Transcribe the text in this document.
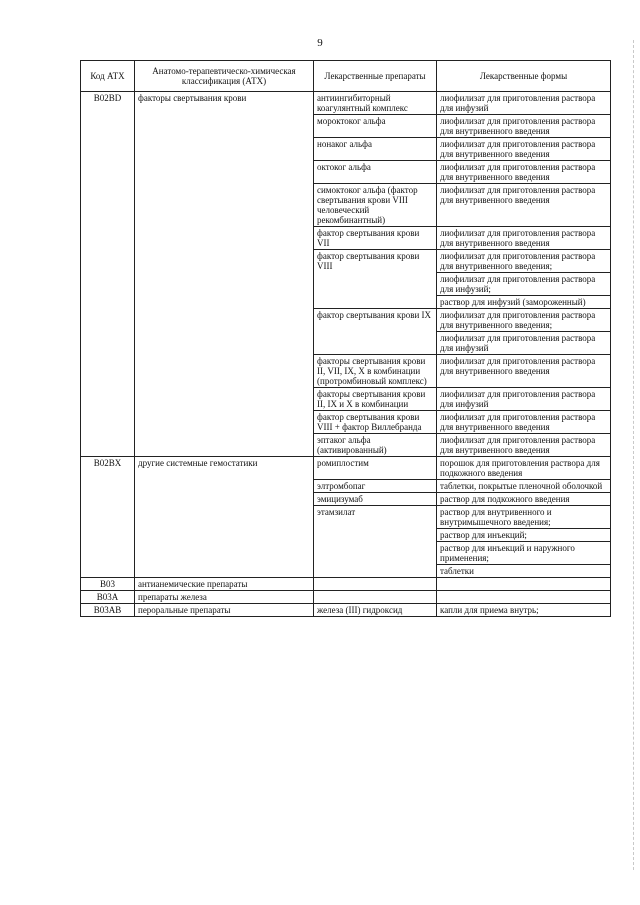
9
Код АТХ	Анатомо-терапевтическо-химическая классификация (АТХ)	Лекарственные препараты	Лекарственные формы
B02BD	факторы свертывания крови	антиингибиторный коагулянтный комплекс	лиофилизат для приготовления раствора для инфузий
		мороктоког альфа	лиофилизат для приготовления раствора для внутривенного введения
		нонаког альфа	лиофилизат для приготовления раствора для внутривенного введения
		октоког альфа	лиофилизат для приготовления раствора для внутривенного введения
		симоктоког альфа (фактор свертывания крови VIII человеческий рекомбинантный)	лиофилизат для приготовления раствора для внутривенного введения
		фактор свертывания крови VII	лиофилизат для приготовления раствора для внутривенного введения
		фактор свертывания крови VIII	лиофилизат для приготовления раствора для внутривенного введения;
			лиофилизат для приготовления раствора для инфузий;
			раствор для инфузий (замороженный)
		фактор свертывания крови IX	лиофилизат для приготовления раствора для внутривенного введения;
			лиофилизат для приготовления раствора для инфузий
		факторы свертывания крови II, VII, IX, X в комбинации (протромбиновый комплекс)	лиофилизат для приготовления раствора для внутривенного введения
		факторы свертывания крови II, IX и X в комбинации	лиофилизат для приготовления раствора для инфузий
		фактор свертывания крови VIII + фактор Виллебранда	лиофилизат для приготовления раствора для внутривенного введения
		эптаког альфа (активированный)	лиофилизат для приготовления раствора для внутривенного введения
B02BX	другие системные гемостатики	ромиплостим	порошок для приготовления раствора для подкожного введения
		элтромбопаг	таблетки, покрытые пленочной оболочкой
		эмицизумаб	раствор для подкожного введения
		этамзилат	раствор для внутривенного и внутримышечного введения;
			раствор для инъекций;
			раствор для инъекций и наружного применения;
			таблетки
B03	антианемические препараты		
B03A	препараты железа		
B03AB	пероральные препараты	железа (III) гидроксид	капли для приема внутрь;
